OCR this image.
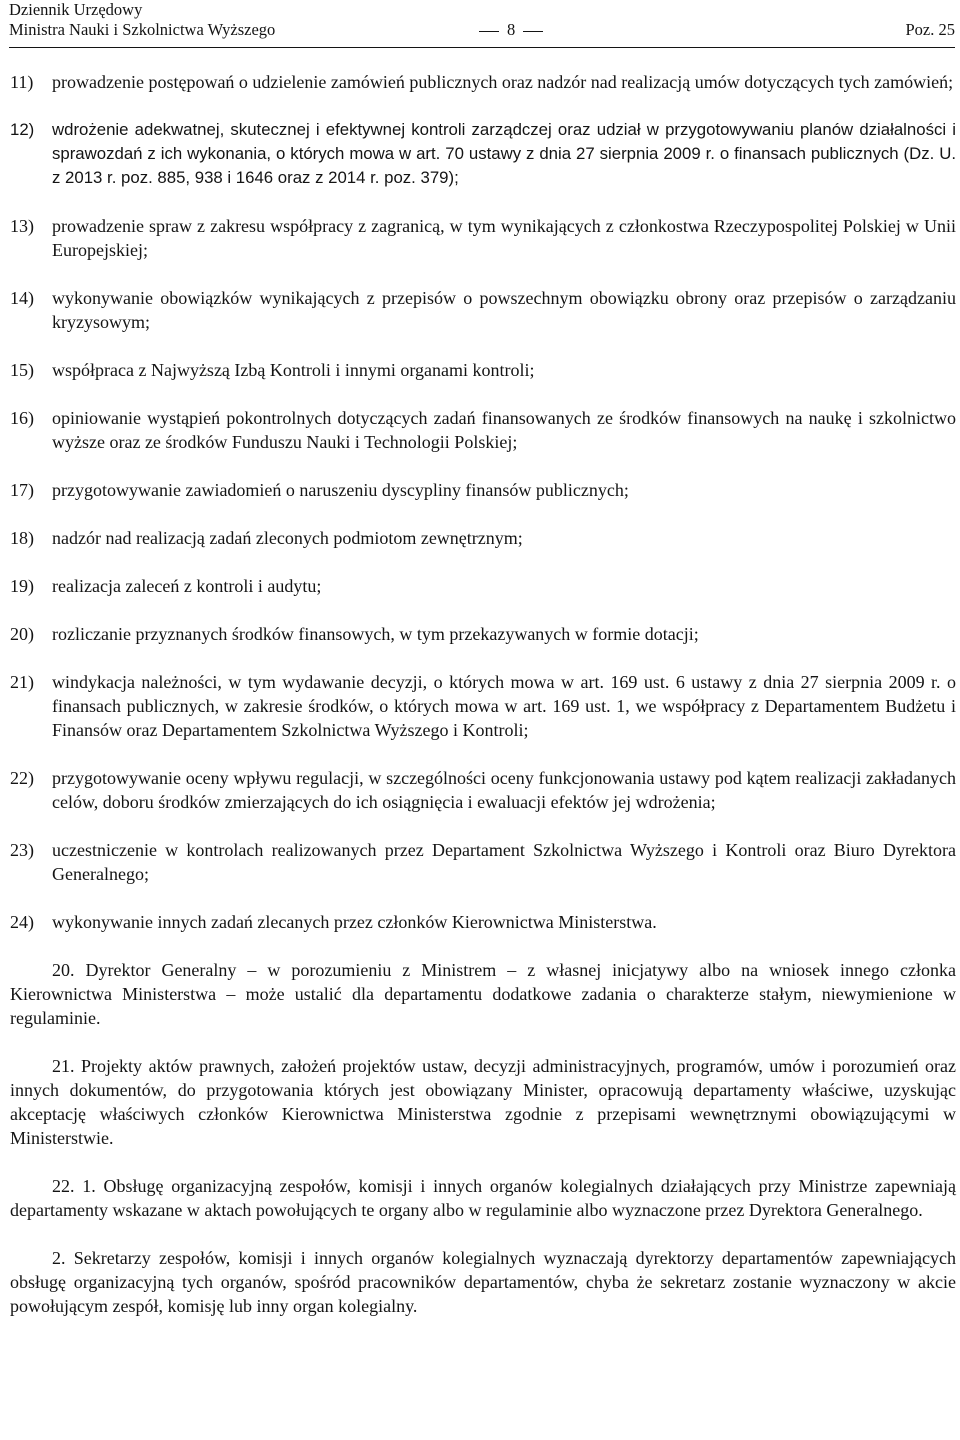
Dziennik Urzędowy
Ministra Nauki i Szkolnictwa Wyższego	8	Poz. 25
11) prowadzenie postępowań o udzielenie zamówień publicznych oraz nadzór nad realizacją umów dotyczących tych zamówień;
12) wdrożenie adekwatnej, skutecznej i efektywnej kontroli zarządczej oraz udział w przygotowywaniu planów działalności i sprawozdań z ich wykonania, o których mowa w art. 70 ustawy z dnia 27 sierpnia 2009 r. o finansach publicznych (Dz. U. z 2013 r. poz. 885, 938 i 1646 oraz z 2014 r. poz. 379);
13) prowadzenie spraw z zakresu współpracy z zagranicą, w tym wynikających z członkostwa Rzeczypospolitej Polskiej w Unii Europejskiej;
14) wykonywanie obowiązków wynikających z przepisów o powszechnym obowiązku obrony oraz przepisów o zarządzaniu kryzysowym;
15) współpraca z Najwyższą Izbą Kontroli i innymi organami kontroli;
16) opiniowanie wystąpień pokontrolnych dotyczących zadań finansowanych ze środków finansowych na naukę i szkolnictwo wyższe oraz ze środków Funduszu Nauki i Technologii Polskiej;
17) przygotowywanie zawiadomień o naruszeniu dyscypliny finansów publicznych;
18) nadzór nad realizacją zadań zleconych podmiotom zewnętrznym;
19) realizacja zaleceń z kontroli i audytu;
20) rozliczanie przyznanych środków finansowych, w tym przekazywanych w formie dotacji;
21) windykacja należności, w tym wydawanie decyzji, o których mowa w art. 169 ust. 6 ustawy z dnia 27 sierpnia 2009 r. o finansach publicznych, w zakresie środków, o których mowa w art. 169 ust. 1, we współpracy z Departamentem Budżetu i Finansów oraz Departamentem Szkolnictwa Wyższego i Kontroli;
22) przygotowywanie oceny wpływu regulacji, w szczególności oceny funkcjonowania ustawy pod kątem realizacji zakładanych celów, doboru środków zmierzających do ich osiągnięcia i ewaluacji efektów jej wdrożenia;
23) uczestniczenie w kontrolach realizowanych przez Departament Szkolnictwa Wyższego i Kontroli oraz Biuro Dyrektora Generalnego;
24) wykonywanie innych zadań zlecanych przez członków Kierownictwa Ministerstwa.

20. Dyrektor Generalny – w porozumieniu z Ministrem – z własnej inicjatywy albo na wniosek innego członka Kierownictwa Ministerstwa – może ustalić dla departamentu dodatkowe zadania o charakterze stałym, niewymienione w regulaminie.

21. Projekty aktów prawnych, założeń projektów ustaw, decyzji administracyjnych, programów, umów i porozumień oraz innych dokumentów, do przygotowania których jest obowiązany Minister, opracowują departamenty właściwe, uzyskując akceptację właściwych członków Kierownictwa Ministerstwa zgodnie z przepisami wewnętrznymi obowiązującymi w Ministerstwie.

22. 1. Obsługę organizacyjną zespołów, komisji i innych organów kolegialnych działających przy Ministrze zapewniają departamenty wskazane w aktach powołujących te organy albo w regulaminie albo wyznaczone przez Dyrektora Generalnego.

2. Sekretarzy zespołów, komisji i innych organów kolegialnych wyznaczają dyrektorzy departamentów zapewniających obsługę organizacyjną tych organów, spośród pracowników departamentów, chyba że sekretarz zostanie wyznaczony w akcie powołującym zespół, komisję lub inny organ kolegialny.
